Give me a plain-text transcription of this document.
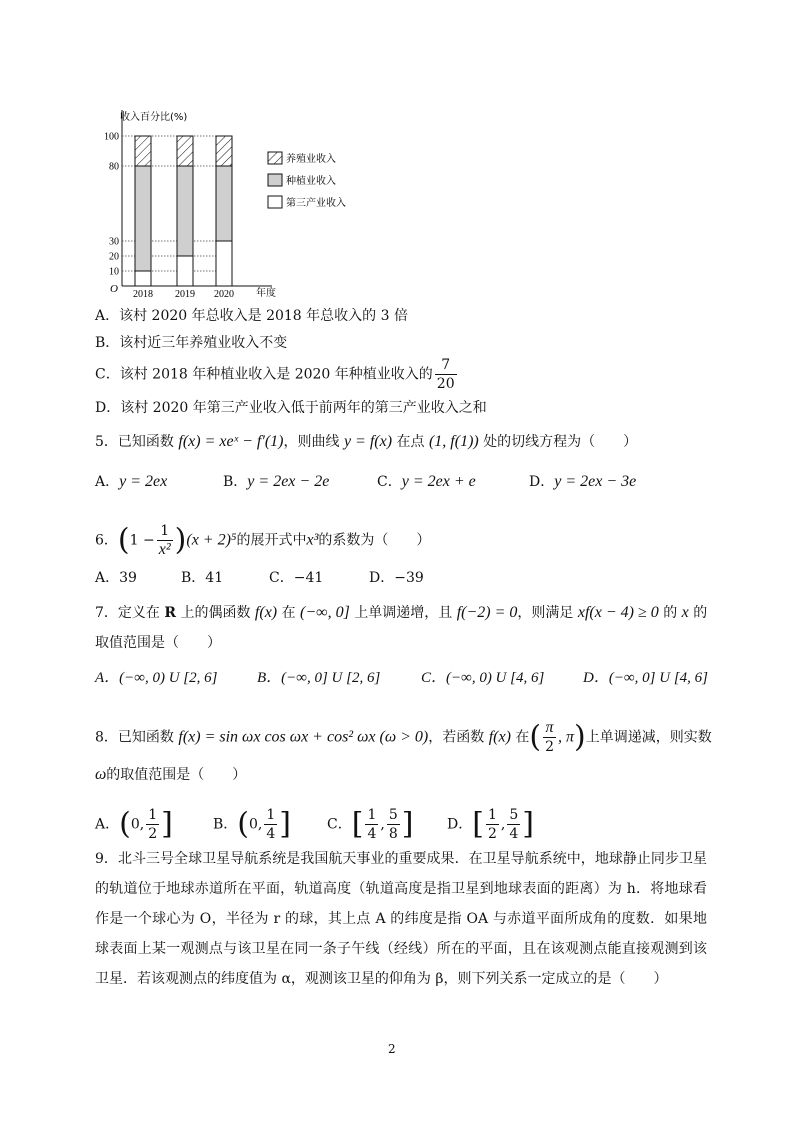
收入百分比(%)
年度
O
10
20
30
80
100
2018 2019 2020
养殖业收入
种植业收入
第三产业收入
A．该村 2020 年总收入是 2018 年总收入的 3 倍
B．该村近三年养殖业收入不变
C．该村 2018 年种植业收入是 2020 年种植业收入的 $\frac{7}{20}$
D．该村 2020 年第三产业收入低于前两年的第三产业收入之和
5．已知函数 f(x) = xeˣ − f′(1)，则曲线 y = f(x) 在点 (1, f(1)) 处的切线方程为（　　）
A．y = 2ex	B．y = 2ex − 2e	C．y = 2ex + e	D．y = 2ex − 3e
6．$(1 - \frac{1}{\text{x²}} )(x + 2)^5$的展开式中x³的系数为（　　）
A．39	B．41	C．−41	D．−39
7．定义在 R 上的偶函数 f(x) 在 (−∞, 0] 上单调递增，且 f(−2) = 0，则满足 xf(x − 4) ≥ 0 的 x 的
取值范围是（　　）
A．(−∞, 0) U [2, 6]	B．(−∞, 0] U [2, 6]	C．(−∞, 0) U [4, 6]	D．(−∞, 0] U [4, 6]
8．已知函数 f(x) = sin ωx cos ωx + cos² ωx (ω > 0)，若函数 f(x) 在( $\frac{\pi}{2}$ , π)上单调递减，则实数
ω的取值范围是（　　）
A．(0, $\frac{1}{2}$ ]	B．(0, $\frac{1}{4}$ ]	C．[ $\frac{1}{4}$ , $\frac{5}{8}$ ] D．[ $\frac{1}{2}$ , $\frac{5}{4}$ ]
9．北斗三号全球卫星导航系统是我国航天事业的重要成果．在卫星导航系统中，地球静止同步卫星的轨道位于地球赤道所在平面，轨道高度（轨道高度是指卫星到地球表面的距离）为 h．将地球看作是一个球心为 O，半径为 r 的球，其上点 A 的纬度是指 OA 与赤道平面所成角的度数．如果地球表面上某一观测点与该卫星在同一条子午线（经线）所在的平面，且在该观测点能直接观测到该卫星．若该观测点的纬度值为 α，观测该卫星的仰角为 β，则下列关系一定成立的是（　　）
2
